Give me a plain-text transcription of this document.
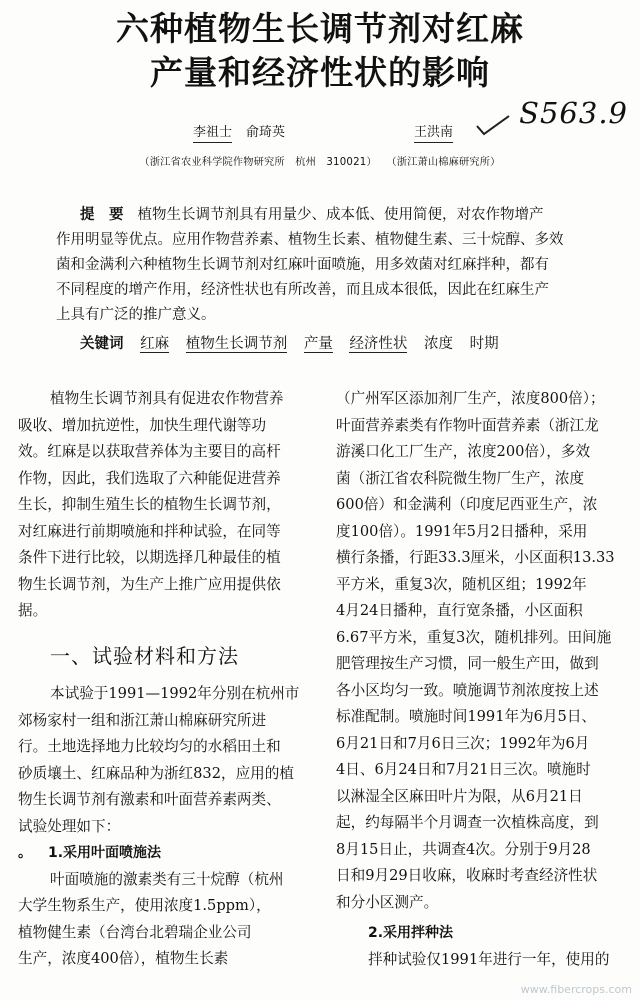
六种植物生长调节剂对红麻
产量和经济性状的影响
S563.9
李祖士 俞琦英	王洪南
（浙江省农业科学院作物研究所　杭州　310021） （浙江萧山棉麻研究所）
提　要 植物生长调节剂具有用量少、成本低、使用简便，对农作物增产
作用明显等优点。应用作物营养素、植物生长素、植物健生素、三十烷醇、多效
菌和金满利六种植物生长调节剂对红麻叶面喷施，用多效菌对红麻拌种，都有
不同程度的增产作用，经济性状也有所改善，而且成本很低，因此在红麻生产
上具有广泛的推广意义。
关键词 红麻 植物生长调节剂 产量 经济性状 浓度 时期
植物生长调节剂具有促进农作物营养
吸收、增加抗逆性，加快生理代谢等功
效。红麻是以获取营养体为主要目的高杆
作物，因此，我们选取了六种能促进营养
生长，抑制生殖生长的植物生长调节剂，
对红麻进行前期喷施和拌种试验，在同等
条件下进行比较，以期选择几种最佳的植
物生长调节剂，为生产上推广应用提供依
据。
一、试验材料和方法
本试验于1991—1992年分别在杭州市
郊杨家村一组和浙江萧山棉麻研究所进
行。土地选择地力比较均匀的水稻田土和
砂质壤土、红麻品种为浙红832，应用的植
物生长调节剂有激素和叶面营养素两类、
试验处理如下：
。 1.采用叶面喷施法
叶面喷施的激素类有三十烷醇（杭州
大学生物系生产，使用浓度1.5ppm），
植物健生素（台湾台北碧瑞企业公司
生产，浓度400倍），植物生长素
（广州军区添加剂厂生产，浓度800倍）；
叶面营养素类有作物叶面营养素（浙江龙
游溪口化工厂生产，浓度200倍），多效
菌（浙江省农科院微生物厂生产，浓度
600倍）和金满利（印度尼西亚生产，浓
度100倍）。1991年5月2日播种，采用
横行条播，行距33.3厘米，小区面积13.33
平方米，重复3次，随机区组；1992年
4月24日播种，直行宽条播，小区面积
6.67平方米，重复3次，随机排列。田间施
肥管理按生产习惯，同一般生产田，做到
各小区均匀一致。喷施调节剂浓度按上述
标准配制。喷施时间1991年为6月5日、
6月21日和7月6日三次；1992年为6月
4日、6月24日和7月21日三次。喷施时
以淋湿全区麻田叶片为限，从6月21日
起，约每隔半个月调查一次植株高度，到
8月15日止，共调查4次。分别于9月28
日和9月29日收麻，收麻时考查经济性状
和分小区测产。
2.采用拌种法
拌种试验仅1991年进行一年，使用的
www.fibercrops.com
